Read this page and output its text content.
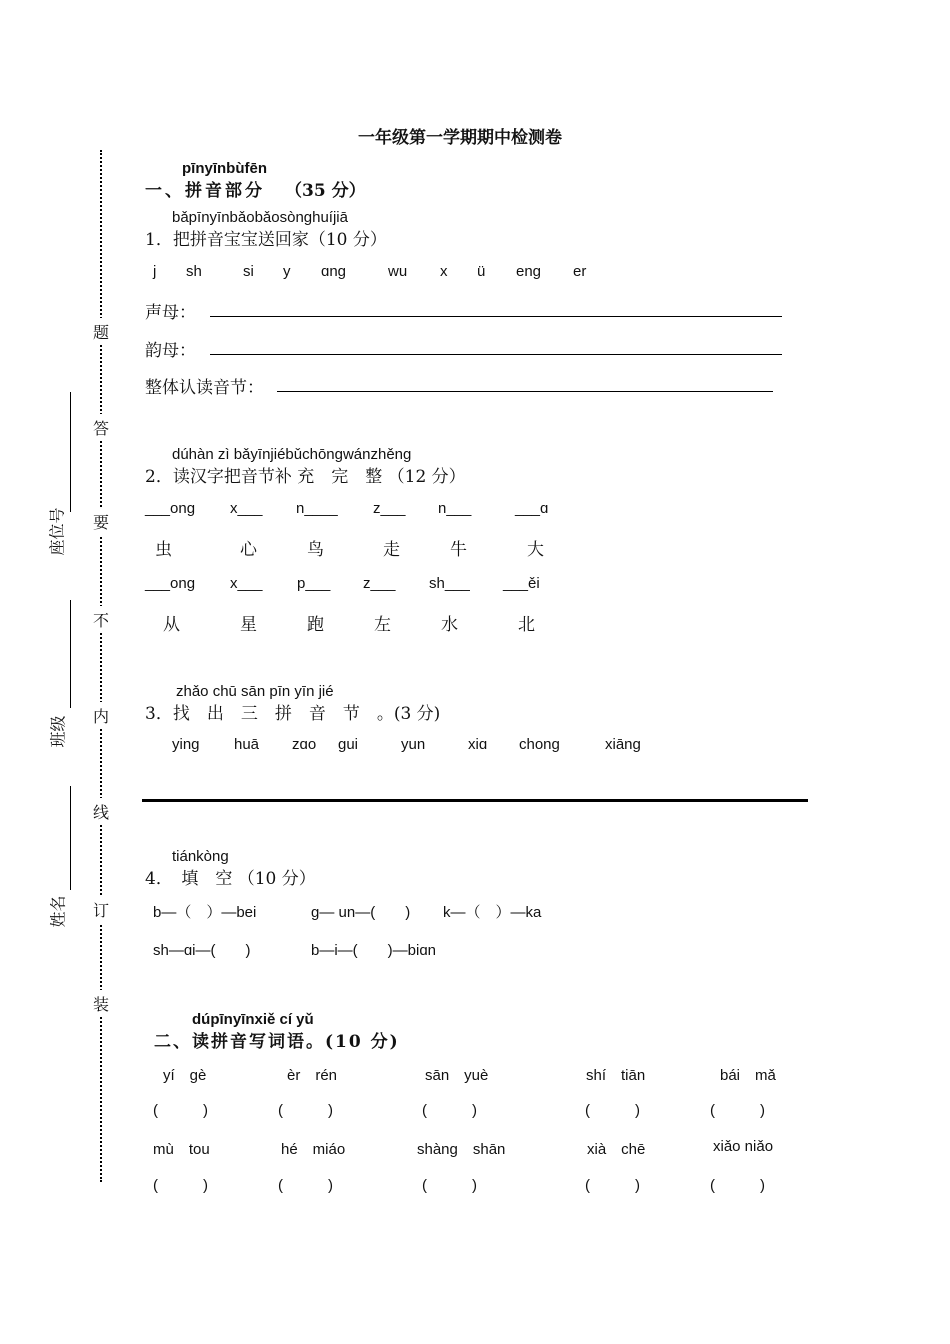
题
答
要
不
内
线
订
装
座位号
班级
姓名
一年级第一学期期中检测卷
pīnyīnbùfēn
一、拼音部分 （35 分）
bǎpīnyīnbǎobǎosònghuíjiā
1．把拼音宝宝送回家（10 分）
j sh	si y ɑng	wu x ü enɡ er
声母：
韵母：
整体认读音节：
dúhàn zì bǎyīnjiébǔchōngwánzhěng
2．读汉字把音节补 充　完　整 （12 分）
___onɡ x___ n____ z___ n___	___ɑ
虫	心	鸟	走	牛	大
___onɡ x___ p___ z___ sh___ ___ěi
从	星	跑	左	水	北
zhǎo chū sān pīn yīn jié
3．找　出　三　拼　音　节　。(3 分)
yinɡ huā zɑo ɡui	yun	xiɑ chonɡ	xiānɡ
tiánkòng
4．　填　空 （10 分）
b—（　）—bei	ɡ— un—(　　) k—（　）—ka
sh—ɑi—(　　)	b—i—(　　)—biɑn
dúpīnyīnxiě cí yǔ
二、读拼音写词语。(10 分)
yí　ɡè	èr　rén	sān　yuè	shí　tiān	bái　mǎ
(　　　)	(　　　)	(　　　)	(　　　)	(　　　)
mù　tou	hé　miáo	shànɡ　shān	xià　chē	xiǎo niǎo
(　　　)	(　　　)	(　　　)	(　　　)	(　　　)
